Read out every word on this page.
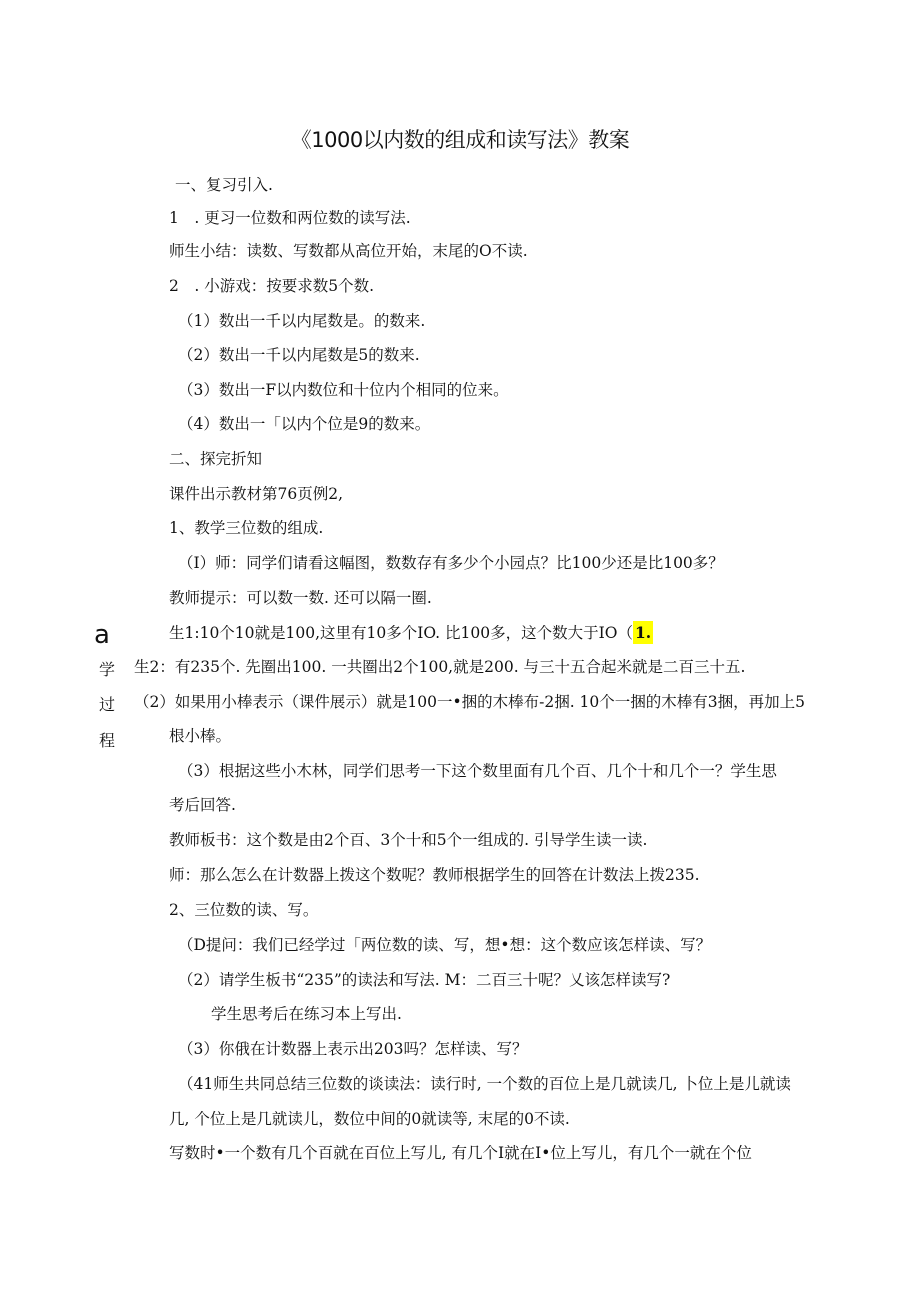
《1000以内数的组成和读写法》教案
一、复习引入.
1　. 更习一位数和两位数的读写法.
师生小结：读数、写数都从高位开始，末尾的O不读.
2　. 小游戏：按要求数5个数.
（1）数出一千以内尾数是。的数来.
（2）数出一千以内尾数是5的数来.
（3）数出一F以内数位和十位内个相同的位来。
（4）数出一「以内个位是9的数来。
二、探完折知
课件出示教材第76页例2,
1、教学三位数的组成.
（I）师：同学们请看这幅图，数数存有多少个小园点？比100少还是比100多？
教师提示：可以数一数. 还可以隔一圈.
a	生1:10个10就是100,这里有10多个IO. 比100多，这个数大于IO（ 1.
学 生2：有235个. 先圈出100. 一共圈出2个100,就是200. 与三十五合起米就是二百三十五.
过 （2）如果用小棒表示（课件展示）就是100一•捆的木棒布-2捆. 10个一捆的木棒有3捆，再加上5
程	根小棒。
（3）根据这些小木林，同学们思考一下这个数里面有几个百、几个十和几个一？学生思
考后回答.
教师板书：这个数是由2个百、3个十和5个一组成的. 引导学生读一读.
师：那么怎么在计数器上拨这个数呢？教师根据学生的回答在计数法上拨235.
2、三位数的读、写。
（D提问：我们已经学过「两位数的读、写，想•想：这个数应该怎样读、写？
（2）请学生板书“235”的读法和写法. M：二百三十呢？乂该怎样读写?
学生思考后在练习本上写出.
（3）你俄在计数器上表示出203吗？怎样读、写？
（41师生共同总结三位数的谈读法：读行时, 一个数的百位上是几就读几, 卜位上是儿就读
几, 个位上是几就读儿，数位中间的0就读等, 末尾的0不读.
写数时•一个数有几个百就在百位上写儿, 有几个I就在I•位上写儿，有几个一就在个位
